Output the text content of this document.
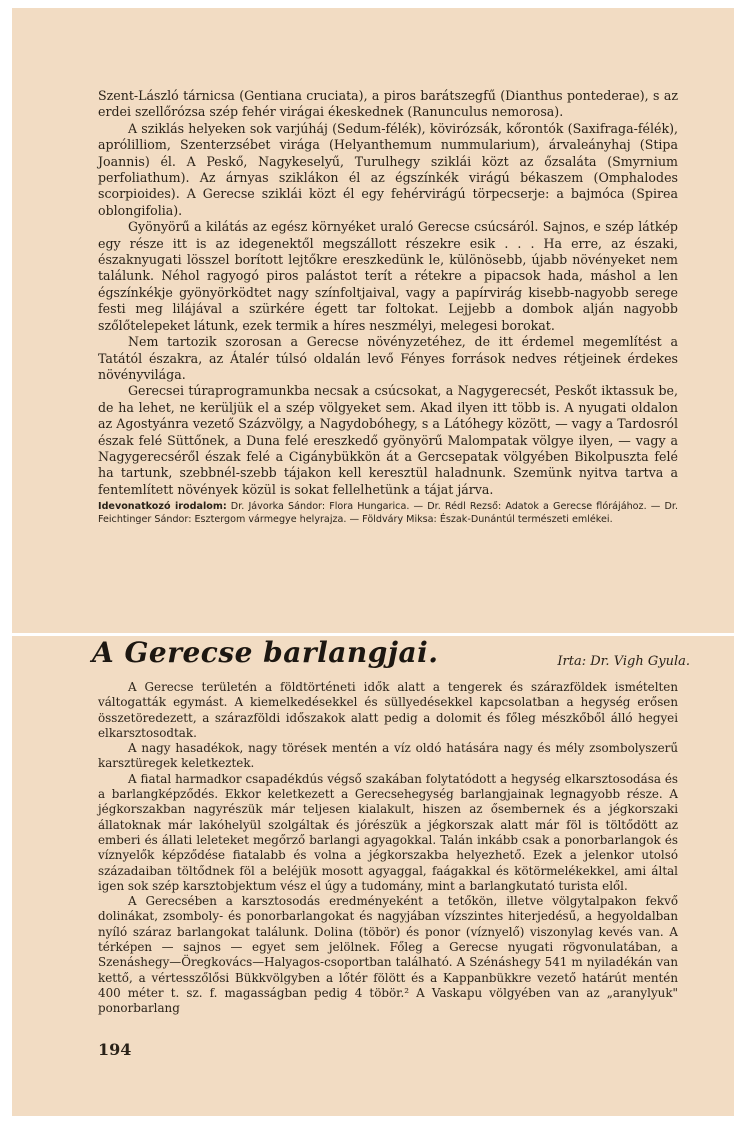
Szent-László tárnicsa (Gentiana cruciata), a piros barátszegfű (Dianthus pontederae), s az erdei szellőrózsa szép fehér virágai ékeskednek (Ranunculus nemorosa).

A sziklás helyeken sok varjúháj (Sedum-félék), kövirózsák, kőrontók (Saxifraga-félék), aprólilliom, Szenterzsébet virága (Helyanthemum nummularium), árvaleányhaj (Stipa Joannis) él. A Peskő, Nagykeselyű, Turulhegy sziklái közt az őzsaláta (Smyrnium perfoliathum). Az árnyas sziklákon él az égszínkék virágú békaszem (Omphalodes scorpioides). A Gerecse sziklái közt él egy fehérvirágú törpecserje: a bajmóca (Spirea oblongifolia).

Gyönyörű a kilátás az egész környéket uraló Gerecse csúcsáról. Sajnos, e szép látkép egy része itt is az idegenektől megszállott részekre esik . . . Ha erre, az északi, északnyugati lösszel borított lejtőkre ereszkedünk le, különösebb, újabb növényeket nem találunk. Néhol ragyogó piros palástot terít a rétekre a pipacsok hada, máshol a len égszínkékje gyönyörködtet nagy színfoltjaival, vagy a papírvirág kisebb-nagyobb serege festi meg lilájával a szürkére égett tar foltokat. Lejjebb a dombok alján nagyobb szőlőtelepeket látunk, ezek termik a híres neszmélyi, melegesi borokat.

Nem tartozik szorosan a Gerecse növényzetéhez, de itt érdemel megemlítést a Tatától északra, az Átalér túlsó oldalán levő Fényes források nedves rétjeinek érdekes növényvilága.

Gerecsei túraprogramunkba necsak a csúcsokat, a Nagygerecsét, Peskőt iktassuk be, de ha lehet, ne kerüljük el a szép völgyeket sem. Akad ilyen itt több is. A nyugati oldalon az Agostyánra vezető Százvölgy, a Nagydobóhegy, s a Látóhegy között, — vagy a Tardosról észak felé Süttőnek, a Duna felé ereszkedő gyönyörű Malompatak völgye ilyen, — vagy a Nagygerecséről észak felé a Cigánybükkön át a Gercsepatak völgyében Bikolpuszta felé ha tartunk, szebbnél-szebb tájakon kell keresztül haladnunk. Szemünk nyitva tartva a fentemlített növények közül is sokat fellelhetünk a tájat járva.

Idevonatkozó irodalom: Dr. Jávorka Sándor: Flora Hungarica. — Dr. Rédl Rezső: Adatok a Gerecse flórájához. — Dr. Feichtinger Sándor: Esztergom vármegye helyrajza. — Földváry Miksa: Észak-Dunántúl természeti emlékei.
A Gerecse barlangjai.	Irta: Dr. Vigh Gyula.

A Gerecse területén a földtörténeti idők alatt a tengerek és szárazföldek ismételten váltogatták egymást. A kiemelkedésekkel és süllyedésekkel kapcsolatban a hegység erősen összetöredezett, a szárazföldi időszakok alatt pedig a dolomit és főleg mészkőből álló hegyei elkarsztosodtak.

A nagy hasadékok, nagy törések mentén a víz oldó hatására nagy és mély zsombolyszerű karsztüregek keletkeztek.

A fiatal harmadkor csapadékdús végső szakában folytatódott a hegység elkarsztosodása és a barlangképződés. Ekkor keletkezett a Gerecsehegység barlangjainak legnagyobb része. A jégkorszakban nagyrészük már teljesen kialakult, hiszen az ősembernek és a jégkorszaki állatoknak már lakóhelyül szolgáltak és jórészük a jégkorszak alatt már föl is töltődött az emberi és állati leleteket megőrző barlangi agyagokkal. Talán inkább csak a ponorbarlangok és víznyelők képződése fiatalabb és volna a jégkorszakba helyezhető. Ezek a jelenkor utolsó századaiban töltődnek föl a beléjük mosott agyaggal, faágakkal és kötörmelékekkel, ami által igen sok szép karsztobjektum vész el úgy a tudomány, mint a barlangkutató turista elől.

A Gerecsében a karsztosodás eredményeként a tetőkön, illetve völgytalpakon fekvő dolinákat, zsomboly- és ponorbarlangokat és nagyjában vízszintes hiterjedésű, a hegyoldalban nyíló száraz barlangokat találunk. Dolina (töbör) és ponor (víznyelő) viszonylag kevés van. A térképen — sajnos — egyet sem jelölnek. Főleg a Gerecse nyugati rögvonulatában, a Szenáshegy—Öregkovács—Halyagos-csoportban található. A Szénáshegy 541 m nyiladékán van kettő, a vértesszőlősi Bükkvölgyben a lőtér fölött és a Kappanbükkre vezető határút mentén 400 méter t. sz. f. magasságban pedig 4 töbör.² A Vaskapu völgyében van az „aranylyuk" ponorbarlang

194
